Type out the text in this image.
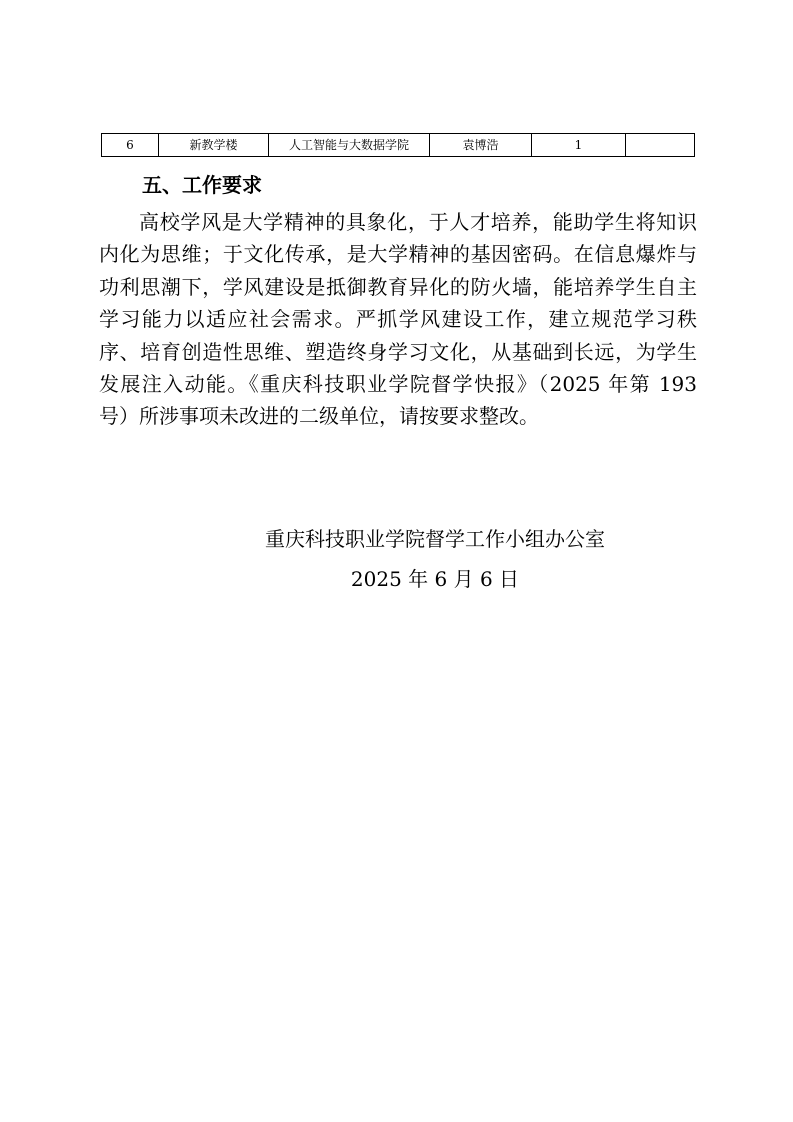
6	新教学楼	人工智能与大数据学院	袁博浩	1	
五、工作要求

高校学风是大学精神的具象化，于人才培养，能助学生将知识内化为思维；于文化传承，是大学精神的基因密码。在信息爆炸与功利思潮下，学风建设是抵御教育异化的防火墙，能培养学生自主学习能力以适应社会需求。严抓学风建设工作，建立规范学习秩序、培育创造性思维、塑造终身学习文化，从基础到长远，为学生发展注入动能。《重庆科技职业学院督学快报》（2025 年第 193 号）所涉事项未改进的二级单位，请按要求整改。

重庆科技职业学院督学工作小组办公室
2025 年 6 月 6 日
